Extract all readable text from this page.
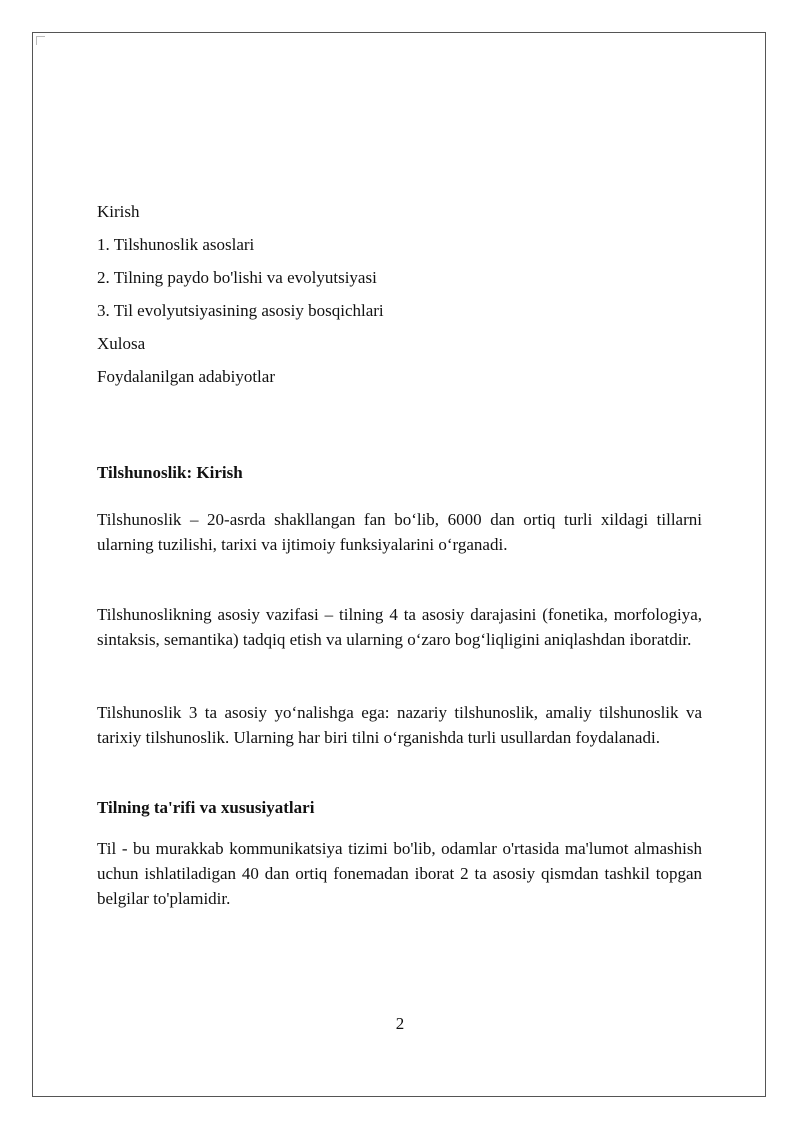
Kirish

1. Tilshunoslik asoslari

2. Tilning paydo bo'lishi va evolyutsiyasi

3. Til evolyutsiyasining asosiy bosqichlari

Xulosa

Foydalanilgan adabiyotlar

Tilshunoslik: Kirish

Tilshunoslik – 20-asrda shakllangan fan bo‘lib, 6000 dan ortiq turli xildagi tillarni ularning tuzilishi, tarixi va ijtimoiy funksiyalarini o‘rganadi.

Tilshunoslikning asosiy vazifasi – tilning 4 ta asosiy darajasini (fonetika, morfologiya, sintaksis, semantika) tadqiq etish va ularning o‘zaro bog‘liqligini aniqlashdan iboratdir.

Tilshunoslik 3 ta asosiy yo‘nalishga ega: nazariy tilshunoslik, amaliy tilshunoslik va tarixiy tilshunoslik. Ularning har biri tilni o‘rganishda turli usullardan foydalanadi.

Tilning ta'rifi va xususiyatlari

Til - bu murakkab kommunikatsiya tizimi bo'lib, odamlar o'rtasida ma'lumot almashish uchun ishlatiladigan 40 dan ortiq fonemadan iborat 2 ta asosiy qismdan tashkil topgan belgilar to'plamidir.

2
